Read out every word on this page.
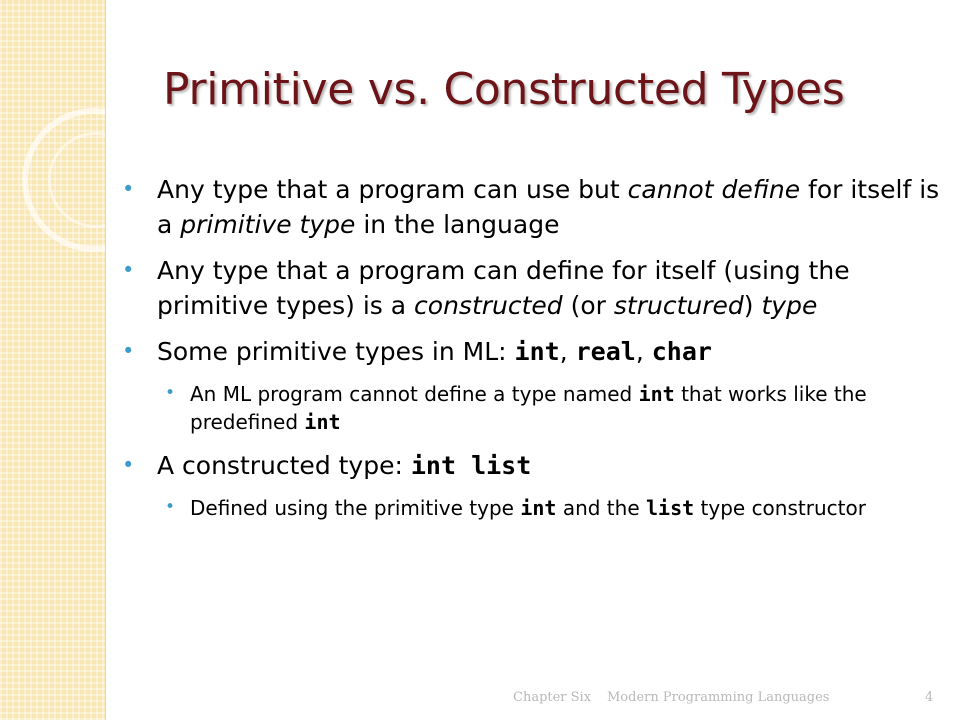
Primitive vs. Constructed Types
• Any type that a program can use but cannot define for itself is a primitive type in the language
• Any type that a program can define for itself (using the primitive types) is a constructed (or structured) type
• Some primitive types in ML: int, real, char
• An ML program cannot define a type named int that works like the predefined int
• A constructed type: int list
• Defined using the primitive type int and the list type constructor
Chapter Six Modern Programming Languages	4
